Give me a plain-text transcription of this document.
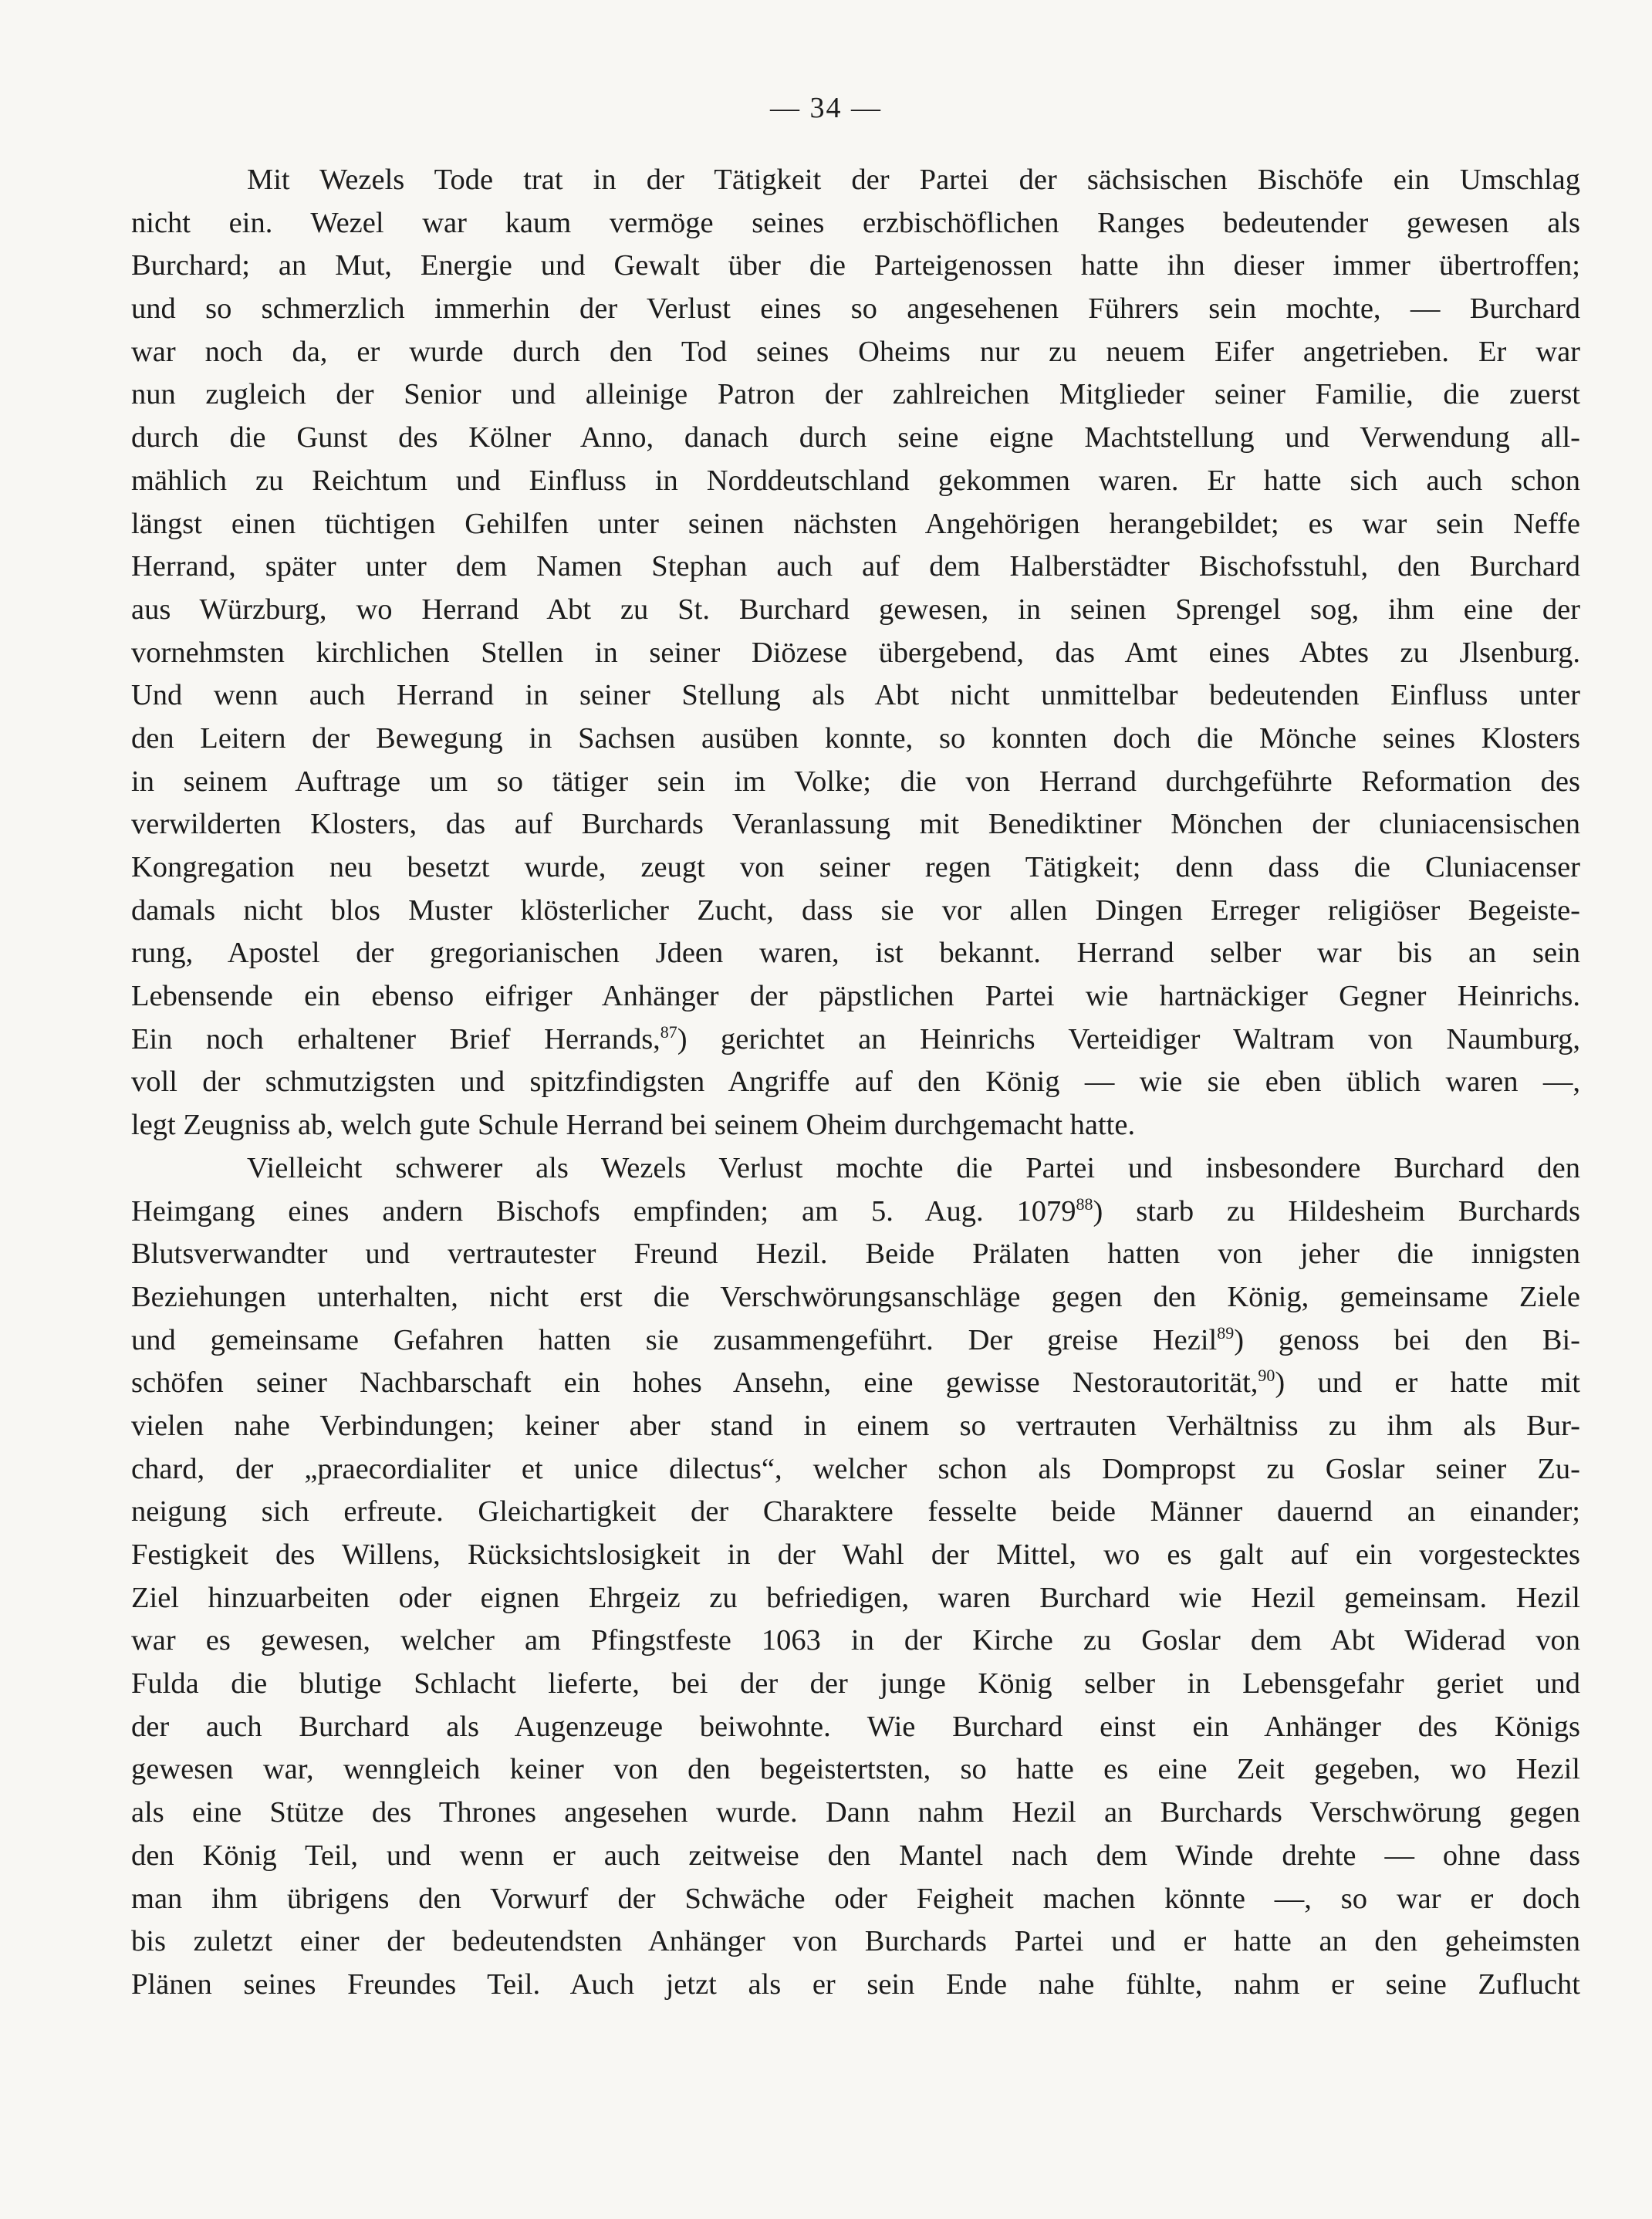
— 34 —
Mit Wezels Tode trat in der Tätigkeit der Partei der sächsischen Bischöfe ein Umschlag
nicht ein. Wezel war kaum vermöge seines erzbischöflichen Ranges bedeutender gewesen als
Burchard; an Mut, Energie und Gewalt über die Parteigenossen hatte ihn dieser immer übertroffen;
und so schmerzlich immerhin der Verlust eines so angesehenen Führers sein mochte, — Burchard
war noch da, er wurde durch den Tod seines Oheims nur zu neuem Eifer angetrieben. Er war
nun zugleich der Senior und alleinige Patron der zahlreichen Mitglieder seiner Familie, die zuerst
durch die Gunst des Kölner Anno, danach durch seine eigne Machtstellung und Verwendung all-
mählich zu Reichtum und Einfluss in Norddeutschland gekommen waren. Er hatte sich auch schon
längst einen tüchtigen Gehilfen unter seinen nächsten Angehörigen herangebildet; es war sein Neffe
Herrand, später unter dem Namen Stephan auch auf dem Halberstädter Bischofsstuhl, den Burchard
aus Würzburg, wo Herrand Abt zu St. Burchard gewesen, in seinen Sprengel sog, ihm eine der
vornehmsten kirchlichen Stellen in seiner Diözese übergebend, das Amt eines Abtes zu Jlsenburg.
Und wenn auch Herrand in seiner Stellung als Abt nicht unmittelbar bedeutenden Einfluss unter
den Leitern der Bewegung in Sachsen ausüben konnte, so konnten doch die Mönche seines Klosters
in seinem Auftrage um so tätiger sein im Volke; die von Herrand durchgeführte Reformation des
verwilderten Klosters, das auf Burchards Veranlassung mit Benediktiner Mönchen der cluniacensischen
Kongregation neu besetzt wurde, zeugt von seiner regen Tätigkeit; denn dass die Cluniacenser
damals nicht blos Muster klösterlicher Zucht, dass sie vor allen Dingen Erreger religiöser Begeiste-
rung, Apostel der gregorianischen Jdeen waren, ist bekannt. Herrand selber war bis an sein
Lebensende ein ebenso eifriger Anhänger der päpstlichen Partei wie hartnäckiger Gegner Heinrichs.
Ein noch erhaltener Brief Herrands,$^{87}$) gerichtet an Heinrichs Verteidiger Waltram von Naumburg,
voll der schmutzigsten und spitzfindigsten Angriffe auf den König — wie sie eben üblich waren —,
legt Zeugniss ab, welch gute Schule Herrand bei seinem Oheim durchgemacht hatte.
Vielleicht schwerer als Wezels Verlust mochte die Partei und insbesondere Burchard den
Heimgang eines andern Bischofs empfinden; am 5. Aug. 1079$^{88}$) starb zu Hildesheim Burchards
Blutsverwandter und vertrautester Freund Hezil. Beide Prälaten hatten von jeher die innigsten
Beziehungen unterhalten, nicht erst die Verschwörungsanschläge gegen den König, gemeinsame Ziele
und gemeinsame Gefahren hatten sie zusammengeführt. Der greise Hezil$^{89}$) genoss bei den Bi-
schöfen seiner Nachbarschaft ein hohes Ansehn, eine gewisse Nestorautorität,$^{90}$) und er hatte mit
vielen nahe Verbindungen; keiner aber stand in einem so vertrauten Verhältniss zu ihm als Bur-
chard, der „praecordialiter et unice dilectus“, welcher schon als Dompropst zu Goslar seiner Zu-
neigung sich erfreute. Gleichartigkeit der Charaktere fesselte beide Männer dauernd an einander;
Festigkeit des Willens, Rücksichtslosigkeit in der Wahl der Mittel, wo es galt auf ein vorgestecktes
Ziel hinzuarbeiten oder eignen Ehrgeiz zu befriedigen, waren Burchard wie Hezil gemeinsam. Hezil
war es gewesen, welcher am Pfingstfeste 1063 in der Kirche zu Goslar dem Abt Widerad von
Fulda die blutige Schlacht lieferte, bei der der junge König selber in Lebensgefahr geriet und
der auch Burchard als Augenzeuge beiwohnte. Wie Burchard einst ein Anhänger des Königs
gewesen war, wenngleich keiner von den begeistertsten, so hatte es eine Zeit gegeben, wo Hezil
als eine Stütze des Thrones angesehen wurde. Dann nahm Hezil an Burchards Verschwörung gegen
den König Teil, und wenn er auch zeitweise den Mantel nach dem Winde drehte — ohne dass
man ihm übrigens den Vorwurf der Schwäche oder Feigheit machen könnte —, so war er doch
bis zuletzt einer der bedeutendsten Anhänger von Burchards Partei und er hatte an den geheimsten
Plänen seines Freundes Teil. Auch jetzt als er sein Ende nahe fühlte, nahm er seine Zuflucht
